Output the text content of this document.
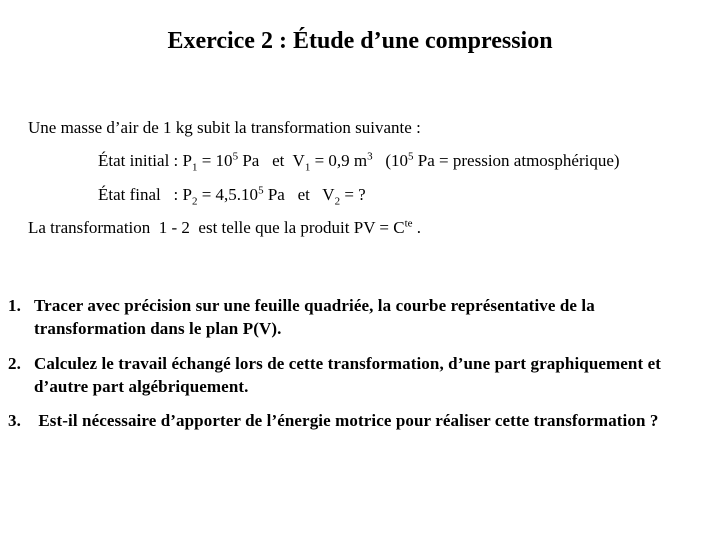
Exercice 2 : Étude d’une compression
Une masse d’air de 1 kg subit la transformation suivante :
État initial : $P_1 = 10^5$ Pa   et  $V_1 = 0,9$ $m^3$   ($10^5$ Pa = pression atmosphérique)
État final   : $P_2 = 4,5.10^5$ Pa   et   $V_2$ = ?
La transformation  1 - 2  est telle que la produit PV = $C^{te}$ .
1. Tracer avec précision sur une feuille quadriée, la courbe représentative de la transformation dans le plan P(V).
2. Calculez le travail échangé lors de cette transformation, d’une part graphiquement et d’autre part algébriquement.
3. Est-il nécessaire d’apporter de l’énergie motrice pour réaliser cette transformation ?
